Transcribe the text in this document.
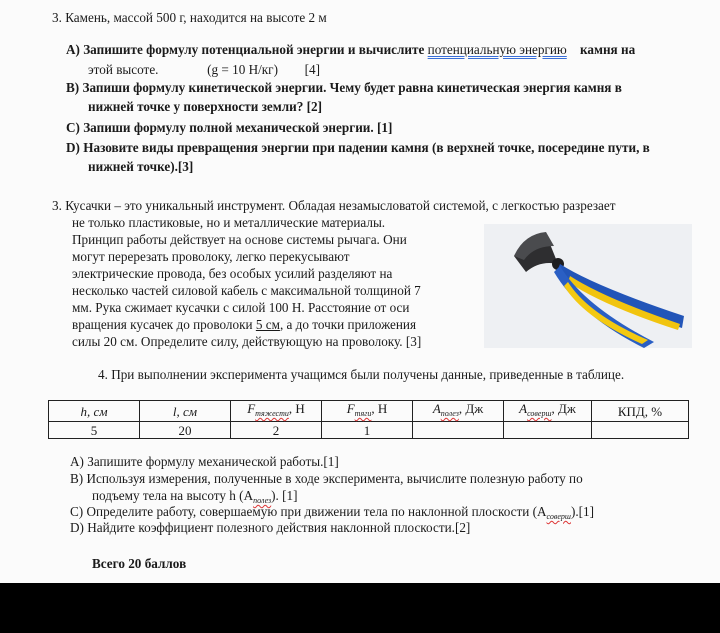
3. Камень, массой 500 г, находится на высоте 2 м
A) Запишите формулу потенциальной энергии и вычислите потенциальную энергию камня на
этой высоте.	(g = 10 Н/кг) [4]
B) Запиши формулу кинетической энергии. Чему будет равна кинетическая энергия камня в
нижней точке у поверхности земли? [2]
C) Запиши формулу полной механической энергии. [1]
D) Назовите виды превращения энергии при падении камня (в верхней точке, посередине пути, в
нижней точке).[3]
3. Кусачки – это уникальный инструмент. Обладая незамысловатой системой, с легкостью разрезает
не только пластиковые, но и металлические материалы.
Принцип работы действует на основе системы рычага. Они
могут перерезать проволоку, легко перекусывают
электрические провода, без особых усилий разделяют на
несколько частей силовой кабель с максимальной толщиной 7
мм. Рука сжимает кусачки с силой 100 Н. Расстояние от оси
вращения кусачек до проволоки 5 см, а до точки приложения
силы 20 см. Определите силу, действующую на проволоку. [3]
4. При выполнении эксперимента учащимся были получены данные, приведенные в таблице.
h, см	l, см	$F_{тяжести}$, Н	$F_{тяги}$, Н	$A_{полез}$, Дж	$A_{соверш}$, Дж	КПД, %
5	20	2	1			
A) Запишите формулу механической работы.[1]
B) Используя измерения, полученные в ходе эксперимента, вычислите полезную работу по
подъему тела на высоту h $(A_{полез})$. [1]
C) Определите работу, совершаемую при движении тела по наклонной плоскости $(A_{соверш}).[1]$
D) Найдите коэффициент полезного действия наклонной плоскости.[2]
Всего 20 баллов
